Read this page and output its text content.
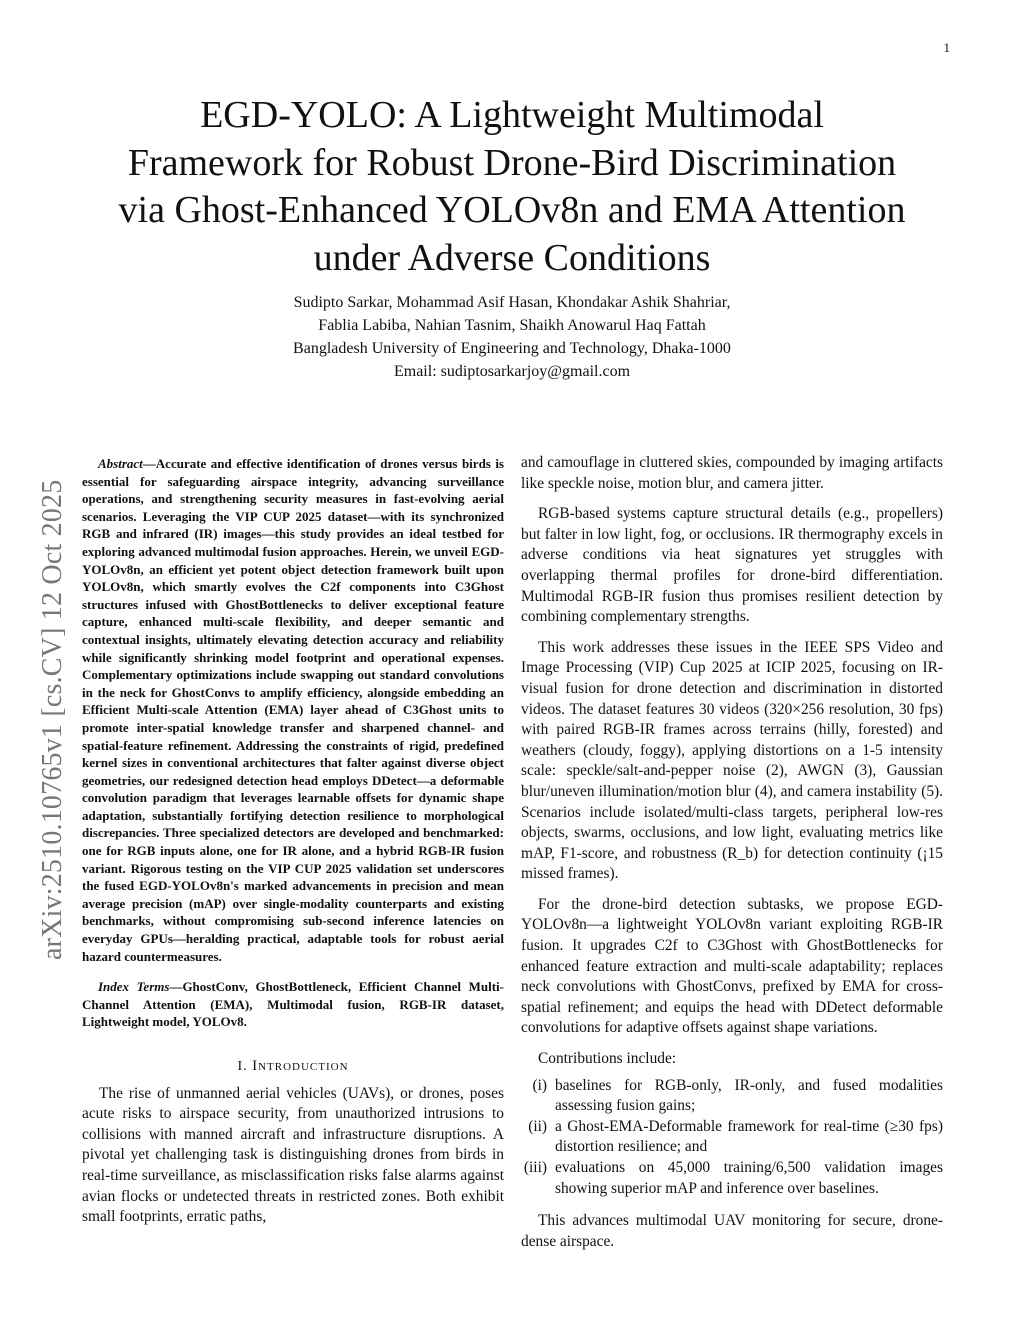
1
EGD-YOLO: A Lightweight Multimodal
Framework for Robust Drone-Bird Discrimination
via Ghost-Enhanced YOLOv8n and EMA Attention
under Adverse Conditions
Sudipto Sarkar, Mohammad Asif Hasan, Khondakar Ashik Shahriar,
Fablia Labiba, Nahian Tasnim, Shaikh Anowarul Haq Fattah
Bangladesh University of Engineering and Technology, Dhaka-1000
Email: sudiptosarkarjoy@gmail.com
arXiv:2510.10765v1 [cs.CV] 12 Oct 2025

Abstract—Accurate and effective identification of drones versus birds is essential for safeguarding airspace integrity, advancing surveillance operations, and strengthening security measures in fast-evolving aerial scenarios. Leveraging the VIP CUP 2025 dataset—with its synchronized RGB and infrared (IR) images—this study provides an ideal testbed for exploring advanced multimodal fusion approaches. Herein, we unveil EGD-YOLOv8n, an efficient yet potent object detection framework built upon YOLOv8n, which smartly evolves the C2f components into C3Ghost structures infused with GhostBottlenecks to deliver exceptional feature capture, enhanced multi-scale flexibility, and deeper semantic and contextual insights, ultimately elevating detection accuracy and reliability while significantly shrinking model footprint and operational expenses. Complementary optimizations include swapping out standard convolutions in the neck for GhostConvs to amplify efficiency, alongside embedding an Efficient Multi-scale Attention (EMA) layer ahead of C3Ghost units to promote inter-spatial knowledge transfer and sharpened channel- and spatial-feature refinement. Addressing the constraints of rigid, predefined kernel sizes in conventional architectures that falter against diverse object geometries, our redesigned detection head employs DDetect—a deformable convolution paradigm that leverages learnable offsets for dynamic shape adaptation, substantially fortifying detection resilience to morphological discrepancies. Three specialized detectors are developed and benchmarked: one for RGB inputs alone, one for IR alone, and a hybrid RGB-IR fusion variant. Rigorous testing on the VIP CUP 2025 validation set underscores the fused EGD-YOLOv8n's marked advancements in precision and mean average precision (mAP) over single-modality counterparts and existing benchmarks, without compromising sub-second inference latencies on everyday GPUs—heralding practical, adaptable tools for robust aerial hazard countermeasures.

Index Terms—GhostConv, GhostBottleneck, Efficient Channel Multi-Channel Attention (EMA), Multimodal fusion, RGB-IR dataset, Lightweight model, YOLOv8.

I. Introduction

The rise of unmanned aerial vehicles (UAVs), or drones, poses acute risks to airspace security, from unauthorized intrusions to collisions with manned aircraft and infrastructure disruptions. A pivotal yet challenging task is distinguishing drones from birds in real-time surveillance, as misclassification risks false alarms against avian flocks or undetected threats in restricted zones. Both exhibit small footprints, erratic paths,

and camouflage in cluttered skies, compounded by imaging artifacts like speckle noise, motion blur, and camera jitter.

RGB-based systems capture structural details (e.g., propellers) but falter in low light, fog, or occlusions. IR thermography excels in adverse conditions via heat signatures yet struggles with overlapping thermal profiles for drone-bird differentiation. Multimodal RGB-IR fusion thus promises resilient detection by combining complementary strengths.

This work addresses these issues in the IEEE SPS Video and Image Processing (VIP) Cup 2025 at ICIP 2025, focusing on IR-visual fusion for drone detection and discrimination in distorted videos. The dataset features 30 videos (320×256 resolution, 30 fps) with paired RGB-IR frames across terrains (hilly, forested) and weathers (cloudy, foggy), applying distortions on a 1-5 intensity scale: speckle/salt-and-pepper noise (2), AWGN (3), Gaussian blur/uneven illumination/motion blur (4), and camera instability (5). Scenarios include isolated/multi-class targets, peripheral low-res objects, swarms, occlusions, and low light, evaluating metrics like mAP, F1-score, and robustness (R_b) for detection continuity (¡15 missed frames).

For the drone-bird detection subtasks, we propose EGD-YOLOv8n—a lightweight YOLOv8n variant exploiting RGB-IR fusion. It upgrades C2f to C3Ghost with GhostBottlenecks for enhanced feature extraction and multi-scale adaptability; replaces neck convolutions with GhostConvs, prefixed by EMA for cross-spatial refinement; and equips the head with DDetect deformable convolutions for adaptive offsets against shape variations.

Contributions include:

(i) baselines for RGB-only, IR-only, and fused modalities assessing fusion gains;
(ii) a Ghost-EMA-Deformable framework for real-time (≥30 fps) distortion resilience; and
(iii) evaluations on 45,000 training/6,500 validation images showing superior mAP and inference over baselines.

This advances multimodal UAV monitoring for secure, drone-dense airspace.
